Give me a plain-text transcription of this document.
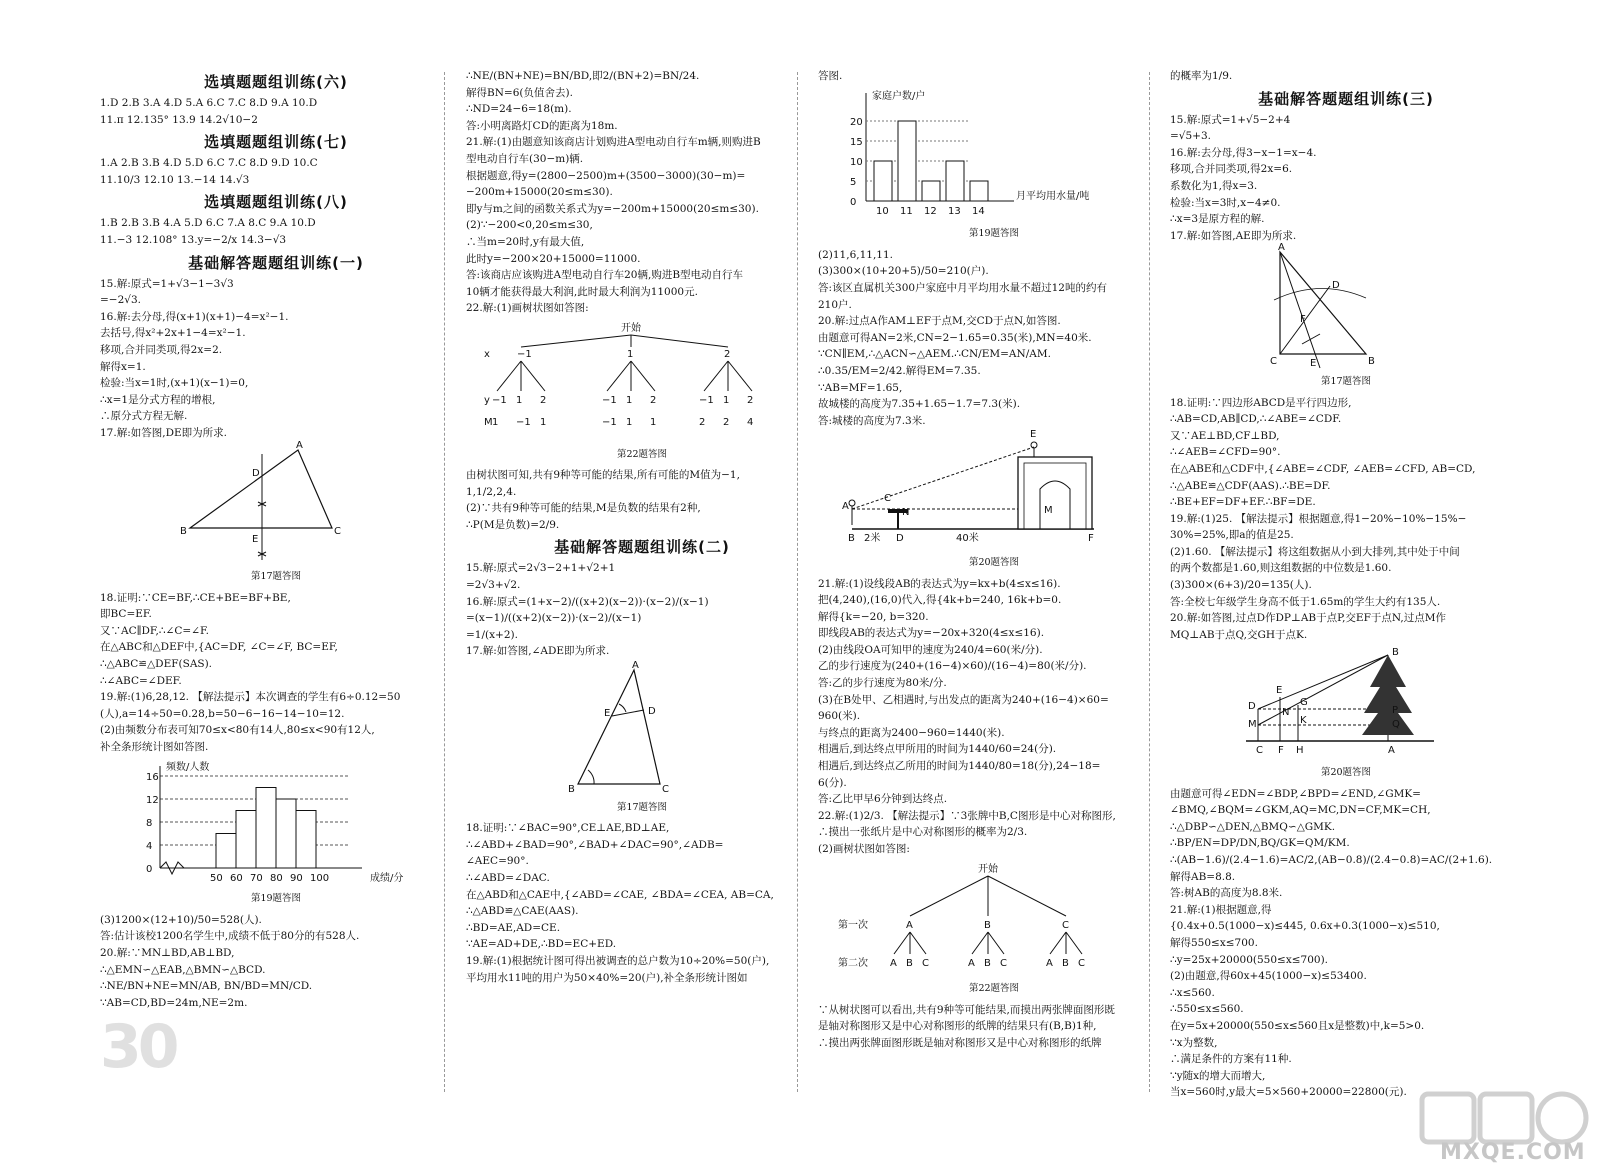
选填题题组训练(六)
1.D 2.B 3.A 4.D 5.A 6.C 7.C 8.D 9.A 10.D
11.π 12.135° 13.9 14.2√10−2
选填题题组训练(七)
1.A 2.B 3.B 4.D 5.D 6.C 7.C 8.D 9.D 10.C
11.10/3 12.10 13.−14 14.√3
选填题题组训练(八)
1.B 2.B 3.B 4.A 5.D 6.C 7.A 8.C 9.A 10.D
11.−3 12.108° 13.y=−2/x 14.3−√3
基础解答题题组训练(一)
15.解:原式=1+√3−1−3√3
=−2√3.
16.解:去分母,得(x+1)(x+1)−4=x²−1.
去括号,得x²+2x+1−4=x²−1.
移项,合并同类项,得2x=2.
解得x=1.
检验:当x=1时,(x+1)(x−1)=0,
∴x=1是分式方程的增根,
∴原分式方程无解.
17.解:如答图,DE即为所求.
A
B	C
D
E
第17题答图
18.证明:∵CE=BF,∴CE+BE=BF+BE,
即BC=EF.
又∵AC∥DF,∴∠C=∠F.
在△ABC和△DEF中,{AC=DF, ∠C=∠F, BC=EF,
∴△ABC≌△DEF(SAS).
∴∠ABC=∠DEF.
19.解:(1)6,28,12. 【解法提示】本次调查的学生有6÷0.12=50
(人),a=14÷50=0.28,b=50−6−16−14−10=12.
(2)由频数分布表可知70≤x<80有14人,80≤x<90有12人,
补全条形统计图如答图.
0
4
8
12
16
50 60 70 80 90 100
频数/人数
成绩/分
第19题答图
(3)1200×(12+10)/50=528(人).
答:估计该校1200名学生中,成绩不低于80分的有528人.
20.解:∵MN⊥BD,AB⊥BD,
∴△EMN∽△EAB,△BMN∽△BCD.
∴NE/BN+NE=MN/AB, BN/BD=MN/CD.
∵AB=CD,BD=24m,NE=2m.
∴NE/(BN+NE)=BN/BD,即2/(BN+2)=BN/24.
解得BN=6(负值舍去).
∴ND=24−6=18(m).
答:小明离路灯CD的距离为18m.
21.解:(1)由题意知该商店计划购进A型电动自行车m辆,则购进B
型电动自行车(30−m)辆.
根据题意,得y=(2800−2500)m+(3500−3000)(30−m)=
−200m+15000(20≤m≤30).
即y与m之间的函数关系式为y=−200m+15000(20≤m≤30).
(2)∵−200<0,20≤m≤30,
∴当m=20时,y有最大值,
此时y=−200×20+15000=11000.
答:该商店应该购进A型电动自行车20辆,购进B型电动自行车
10辆才能获得最大利润,此时最大利润为11000元.
22.解:(1)画树状图如答图:
开始
x
y
M
−1
−1
1
1
−1
2
1
1
−1
−1
1
1
2
1
2
−1
2
1
2
2
4
第22题答图
由树状图可知,共有9种等可能的结果,所有可能的M值为−1,
1,1/2,2,4.
(2)∵共有9种等可能的结果,M是负数的结果有2种,
∴P(M是负数)=2/9.
基础解答题题组训练(二)
15.解:原式=2√3−2+1+√2+1
=2√3+√2.
16.解:原式=(1+x−2)/((x+2)(x−2))·(x−2)/(x−1)
=(x−1)/((x+2)(x−2))·(x−2)/(x−1)
=1/(x+2).
17.解:如答图,∠ADE即为所求.
A
B	C
D
E
第17题答图
18.证明:∵∠BAC=90°,CE⊥AE,BD⊥AE,
∴∠ABD+∠BAD=90°,∠BAD+∠DAC=90°,∠ADB=
∠AEC=90°.
∴∠ABD=∠DAC.
在△ABD和△CAE中,{∠ABD=∠CAE, ∠BDA=∠CEA, AB=CA,
∴△ABD≌△CAE(AAS).
∴BD=AE,AD=CE.
∵AE=AD+DE,∴BD=EC+ED.
19.解:(1)根据统计图可得出被调查的总户数为10÷20%=50(户),
平均用水11吨的用户为50×40%=20(户),补全条形统计图如
答图.
0
5
10
15
20
10 11 12 13 14
家庭户数/户
月平均用水量/吨
第19题答图
(2)11,6,11,11.
(3)300×(10+20+5)/50=210(户).
答:该区直属机关300户家庭中月平均用水量不超过12吨的约有
210户.
20.解:过点A作AM⊥EF于点M,交CD于点N,如答图.
由题意可得AN=2米,CN=2−1.65=0.35(米),MN=40米.
∵CN∥EM,∴△ACN∽△AEM.∴CN/EM=AN/AM.
∴0.35/EM=2/42.解得EM=7.35.
∵AB=MF=1.65,
故城楼的高度为7.35+1.65−1.7=7.3(米).
答:城楼的高度为7.3米.
E
A
C
N	M
B	D	F
2米	40米
第20题答图
21.解:(1)设线段AB的表达式为y=kx+b(4≤x≤16).
把(4,240),(16,0)代入,得{4k+b=240, 16k+b=0.
解得{k=−20, b=320.
即线段AB的表达式为y=−20x+320(4≤x≤16).
(2)由线段OA可知甲的速度为240/4=60(米/分).
乙的步行速度为(240+(16−4)×60)/(16−4)=80(米/分).
答:乙的步行速度为80米/分.
(3)在B处甲、乙相遇时,与出发点的距离为240+(16−4)×60=
960(米).
与终点的距离为2400−960=1440(米).
相遇后,到达终点甲所用的时间为1440/60=24(分).
相遇后,到达终点乙所用的时间为1440/80=18(分),24−18=
6(分).
答:乙比甲早6分钟到达终点.
22.解:(1)2/3. 【解法提示】∵3张牌中B,C图形是中心对称图形,
∴摸出一张纸片是中心对称图形的概率为2/3.
(2)画树状图如答图:
开始
第一次
第二次
A
A B C
B
A B C
C
A B C
第22题答图
∵从树状图可以看出,共有9种等可能结果,而摸出两张牌面图形既
是轴对称图形又是中心对称图形的纸牌的结果只有(B,B)1种,
∴摸出两张牌面图形既是轴对称图形又是中心对称图形的纸牌
的概率为1/9.
基础解答题题组训练(三)
15.解:原式=1+√5−2+4
=√5+3.
16.解:去分母,得3−x−1=x−4.
移项,合并同类项,得2x=6.
系数化为1,得x=3.
检验:当x=3时,x−4≠0.
∴x=3是原方程的解.
17.解:如答图,AE即为所求.
A
D
F
C	E	B
第17题答图
18.证明:∵四边形ABCD是平行四边形,
∴AB=CD,AB∥CD,∴∠ABE=∠CDF.
又∵AE⊥BD,CF⊥BD,
∴∠AEB=∠CFD=90°.
在△ABE和△CDF中,{∠ABE=∠CDF, ∠AEB=∠CFD, AB=CD,
∴△ABE≌△CDF(AAS).∴BE=DF.
∴BE+EF=DF+EF.∴BF=DE.
19.解:(1)25. 【解法提示】根据题意,得1−20%−10%−15%−
30%=25%,即a的值是25.
(2)1.60. 【解法提示】将这组数据从小到大排列,其中处于中间
的两个数都是1.60,则这组数据的中位数是1.60.
(3)300×(6+3)/20=135(人).
答:全校七年级学生身高不低于1.65m的学生大约有135人.
20.解:如答图,过点D作DP⊥AB于点P,交EF于点N,过点M作
MQ⊥AB于点Q,交GH于点K.
B
E
G
D	P
N
K
M	Q
C F H	A
第20题答图
由题意可得∠EDN=∠BDP,∠BPD=∠END,∠GMK=
∠BMQ,∠BQM=∠GKM,AQ=MC,DN=CF,MK=CH,
∴△DBP∽△DEN,△BMQ∽△GMK.
∴BP/EN=DP/DN,BQ/GK=QM/KM.
∴(AB−1.6)/(2.4−1.6)=AC/2,(AB−0.8)/(2.4−0.8)=AC/(2+1.6).
解得AB=8.8.
答:树AB的高度为8.8米.
21.解:(1)根据题意,得
{0.4x+0.5(1000−x)≤445, 0.6x+0.3(1000−x)≤510,
解得550≤x≤700.
∴y=25x+20000(550≤x≤700).
(2)由题意,得60x+45(1000−x)≤53400.
∴x≤560.
∴550≤x≤560.
在y=5x+20000(550≤x≤560且x是整数)中,k=5>0.
∵x为整数,
∴满足条件的方案有11种.
∵y随x的增大而增大,
当x=560时,y最大=5×560+20000=22800(元).
30
MXQE.COM
